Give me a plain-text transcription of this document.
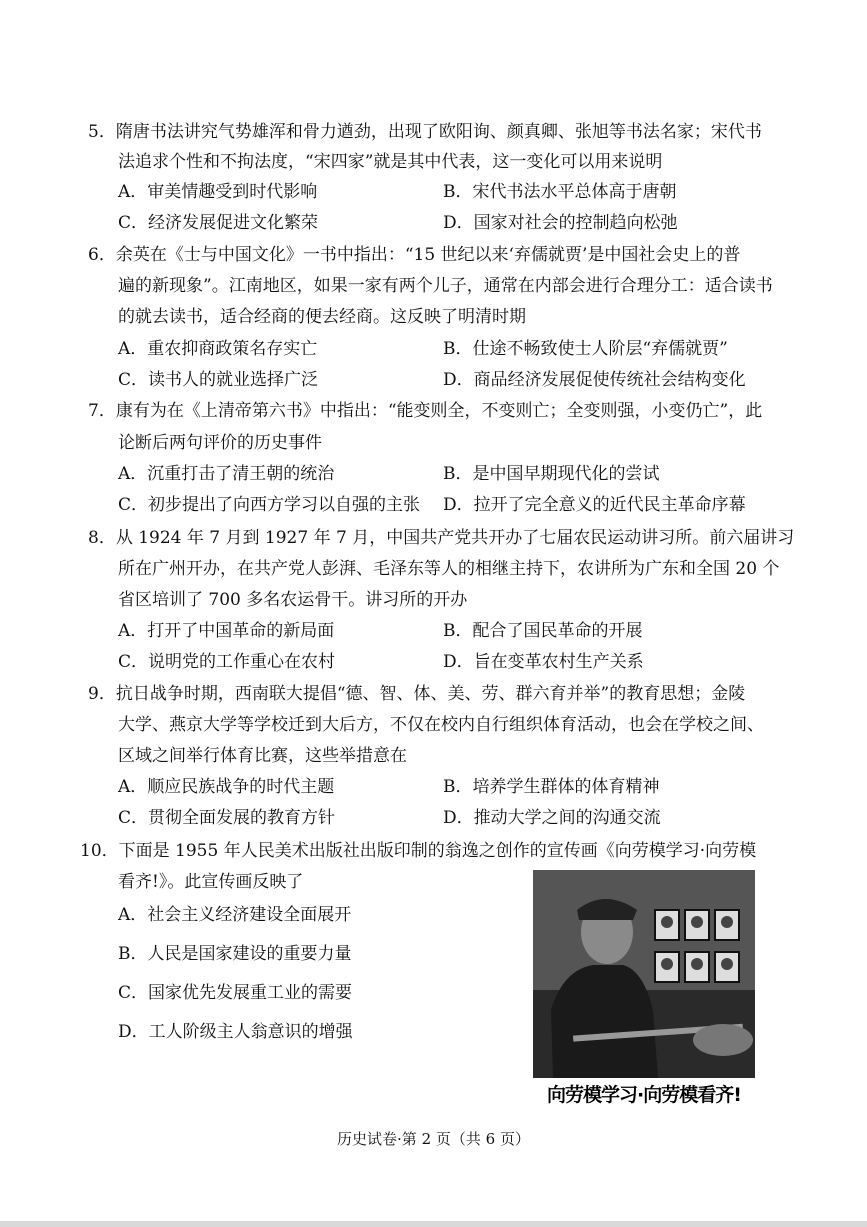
5．隋唐书法讲究气势雄浑和骨力遒劲，出现了欧阳询、颜真卿、张旭等书法名家；宋代书
法追求个性和不拘法度，“宋四家”就是其中代表，这一变化可以用来说明
A．审美情趣受到时代影响	B．宋代书法水平总体高于唐朝
C．经济发展促进文化繁荣	D．国家对社会的控制趋向松弛
6．余英在《士与中国文化》一书中指出：“15 世纪以来‘弃儒就贾’是中国社会史上的普
遍的新现象”。江南地区，如果一家有两个儿子，通常在内部会进行合理分工：适合读书
的就去读书，适合经商的便去经商。这反映了明清时期
A．重农抑商政策名存实亡	B．仕途不畅致使士人阶层“弃儒就贾”
C．读书人的就业选择广泛	D．商品经济发展促使传统社会结构变化
7．康有为在《上清帝第六书》中指出：“能变则全，不变则亡；全变则强，小变仍亡”，此
论断后两句评价的历史事件
A．沉重打击了清王朝的统治	B．是中国早期现代化的尝试
C．初步提出了向西方学习以自强的主张 D．拉开了完全意义的近代民主革命序幕
8．从 1924 年 7 月到 1927 年 7 月，中国共产党共开办了七届农民运动讲习所。前六届讲习
所在广州开办，在共产党人彭湃、毛泽东等人的相继主持下，农讲所为广东和全国 20 个
省区培训了 700 多名农运骨干。讲习所的开办
A．打开了中国革命的新局面	B．配合了国民革命的开展
C．说明党的工作重心在农村	D．旨在变革农村生产关系
9．抗日战争时期，西南联大提倡“德、智、体、美、劳、群六育并举”的教育思想；金陵
大学、燕京大学等学校迁到大后方，不仅在校内自行组织体育活动，也会在学校之间、
区域之间举行体育比赛，这些举措意在
A．顺应民族战争的时代主题	B．培养学生群体的体育精神
C．贯彻全面发展的教育方针	D．推动大学之间的沟通交流
10．下面是 1955 年人民美术出版社出版印制的翁逸之创作的宣传画《向劳模学习·向劳模
看齐!》。此宣传画反映了
A．社会主义经济建设全面展开
B．人民是国家建设的重要力量
C．国家优先发展重工业的需要
D．工人阶级主人翁意识的增强
向劳模学习·向劳模看齐!
历史试卷·第 2 页（共 6 页）
